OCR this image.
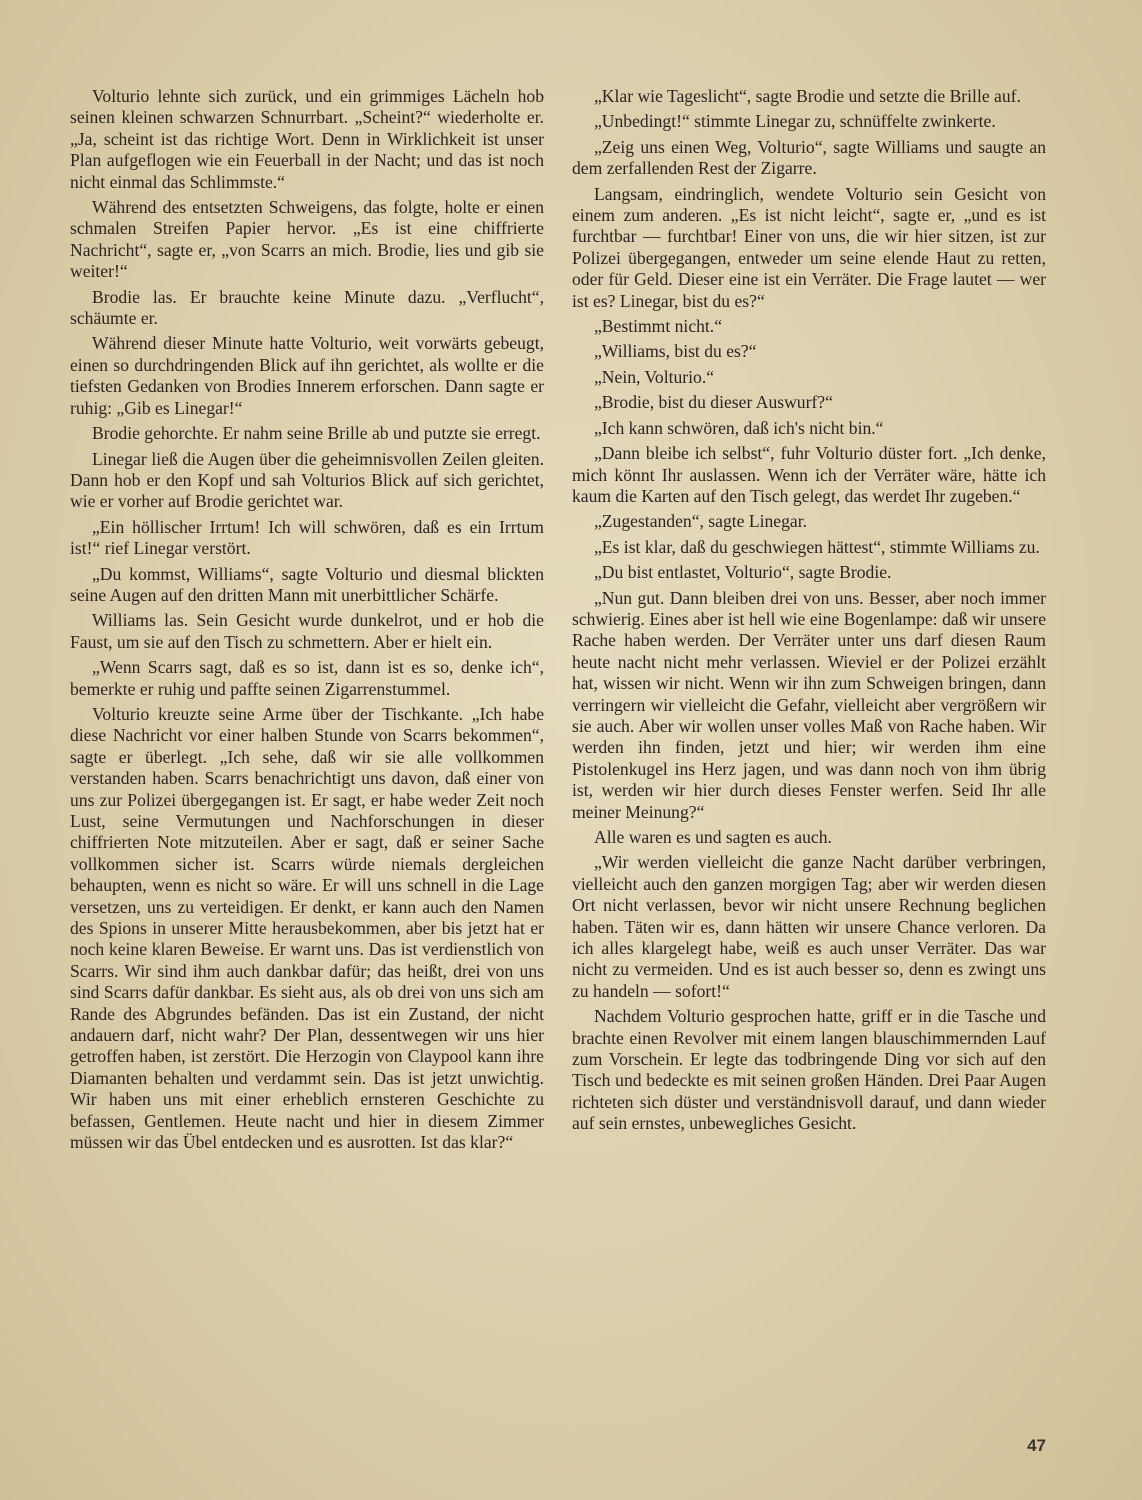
Volturio lehnte sich zurück, und ein grimmiges Lächeln hob seinen kleinen schwarzen Schnurrbart. „Scheint?“ wiederholte er. „Ja, scheint ist das richtige Wort. Denn in Wirklichkeit ist unser Plan aufgeflogen wie ein Feuerball in der Nacht; und das ist noch nicht einmal das Schlimmste.“

Während des entsetzten Schweigens, das folgte, holte er einen schmalen Streifen Papier hervor. „Es ist eine chiffrierte Nachricht“, sagte er, „von Scarrs an mich. Brodie, lies und gib sie weiter!“

Brodie las. Er brauchte keine Minute dazu. „Verflucht“, schäumte er.

Während dieser Minute hatte Volturio, weit vorwärts gebeugt, einen so durchdringenden Blick auf ihn gerichtet, als wollte er die tiefsten Gedanken von Brodies Innerem erforschen. Dann sagte er ruhig: „Gib es Linegar!“

Brodie gehorchte. Er nahm seine Brille ab und putzte sie erregt.

Linegar ließ die Augen über die geheimnisvollen Zeilen gleiten. Dann hob er den Kopf und sah Volturios Blick auf sich gerichtet, wie er vorher auf Brodie gerichtet war.

„Ein höllischer Irrtum! Ich will schwören, daß es ein Irrtum ist!“ rief Linegar verstört.

„Du kommst, Williams“, sagte Volturio und diesmal blickten seine Augen auf den dritten Mann mit unerbittlicher Schärfe.

Williams las. Sein Gesicht wurde dunkelrot, und er hob die Faust, um sie auf den Tisch zu schmettern. Aber er hielt ein.

„Wenn Scarrs sagt, daß es so ist, dann ist es so, denke ich“, bemerkte er ruhig und paffte seinen Zigarrenstummel.

Volturio kreuzte seine Arme über der Tischkante. „Ich habe diese Nachricht vor einer halben Stunde von Scarrs bekommen“, sagte er überlegt. „Ich sehe, daß wir sie alle vollkommen verstanden haben. Scarrs benachrichtigt uns davon, daß einer von uns zur Polizei übergegangen ist. Er sagt, er habe weder Zeit noch Lust, seine Vermutungen und Nachforschungen in dieser chiffrierten Note mitzuteilen. Aber er sagt, daß er seiner Sache vollkommen sicher ist. Scarrs würde niemals dergleichen behaupten, wenn es nicht so wäre. Er will uns schnell in die Lage versetzen, uns zu verteidigen. Er denkt, er kann auch den Namen des Spions in unserer Mitte herausbekommen, aber bis jetzt hat er noch keine klaren Beweise. Er warnt uns. Das ist verdienstlich von Scarrs. Wir sind ihm auch dankbar dafür; das heißt, drei von uns sind Scarrs dafür dankbar. Es sieht aus, als ob drei von uns sich am Rande des Abgrundes befänden. Das ist ein Zustand, der nicht andauern darf, nicht wahr? Der Plan, dessentwegen wir uns hier getroffen haben, ist zerstört. Die Herzogin von Claypool kann ihre Diamanten behalten und verdammt sein. Das ist jetzt unwichtig. Wir haben uns mit einer erheblich ernsteren Geschichte zu befassen, Gentlemen. Heute nacht und hier in diesem Zimmer müssen wir das Übel entdecken und es ausrotten. Ist das klar?“

„Klar wie Tageslicht“, sagte Brodie und setzte die Brille auf.

„Unbedingt!“ stimmte Linegar zu, schnüffelte zwinkerte.

„Zeig uns einen Weg, Volturio“, sagte Williams und saugte an dem zerfallenden Rest der Zigarre.

Langsam, eindringlich, wendete Volturio sein Gesicht von einem zum anderen. „Es ist nicht leicht“, sagte er, „und es ist furchtbar — furchtbar! Einer von uns, die wir hier sitzen, ist zur Polizei übergegangen, entweder um seine elende Haut zu retten, oder für Geld. Dieser eine ist ein Verräter. Die Frage lautet — wer ist es? Linegar, bist du es?“

„Bestimmt nicht.“

„Williams, bist du es?“

„Nein, Volturio.“

„Brodie, bist du dieser Auswurf?“

„Ich kann schwören, daß ich's nicht bin.“

„Dann bleibe ich selbst“, fuhr Volturio düster fort. „Ich denke, mich könnt Ihr auslassen. Wenn ich der Verräter wäre, hätte ich kaum die Karten auf den Tisch gelegt, das werdet Ihr zugeben.“

„Zugestanden“, sagte Linegar.

„Es ist klar, daß du geschwiegen hättest“, stimmte Williams zu.

„Du bist entlastet, Volturio“, sagte Brodie.

„Nun gut. Dann bleiben drei von uns. Besser, aber noch immer schwierig. Eines aber ist hell wie eine Bogenlampe: daß wir unsere Rache haben werden. Der Verräter unter uns darf diesen Raum heute nacht nicht mehr verlassen. Wieviel er der Polizei erzählt hat, wissen wir nicht. Wenn wir ihn zum Schweigen bringen, dann verringern wir vielleicht die Gefahr, vielleicht aber vergrößern wir sie auch. Aber wir wollen unser volles Maß von Rache haben. Wir werden ihn finden, jetzt und hier; wir werden ihm eine Pistolenkugel ins Herz jagen, und was dann noch von ihm übrig ist, werden wir hier durch dieses Fenster werfen. Seid Ihr alle meiner Meinung?“

Alle waren es und sagten es auch.

„Wir werden vielleicht die ganze Nacht darüber verbringen, vielleicht auch den ganzen morgigen Tag; aber wir werden diesen Ort nicht verlassen, bevor wir nicht unsere Rechnung beglichen haben. Täten wir es, dann hätten wir unsere Chance verloren. Da ich alles klargelegt habe, weiß es auch unser Verräter. Das war nicht zu vermeiden. Und es ist auch besser so, denn es zwingt uns zu handeln — sofort!“

Nachdem Volturio gesprochen hatte, griff er in die Tasche und brachte einen Revolver mit einem langen blauschimmernden Lauf zum Vorschein. Er legte das todbringende Ding vor sich auf den Tisch und bedeckte es mit seinen großen Händen. Drei Paar Augen richteten sich düster und verständnisvoll darauf, und dann wieder auf sein ernstes, unbewegliches Gesicht.

47
